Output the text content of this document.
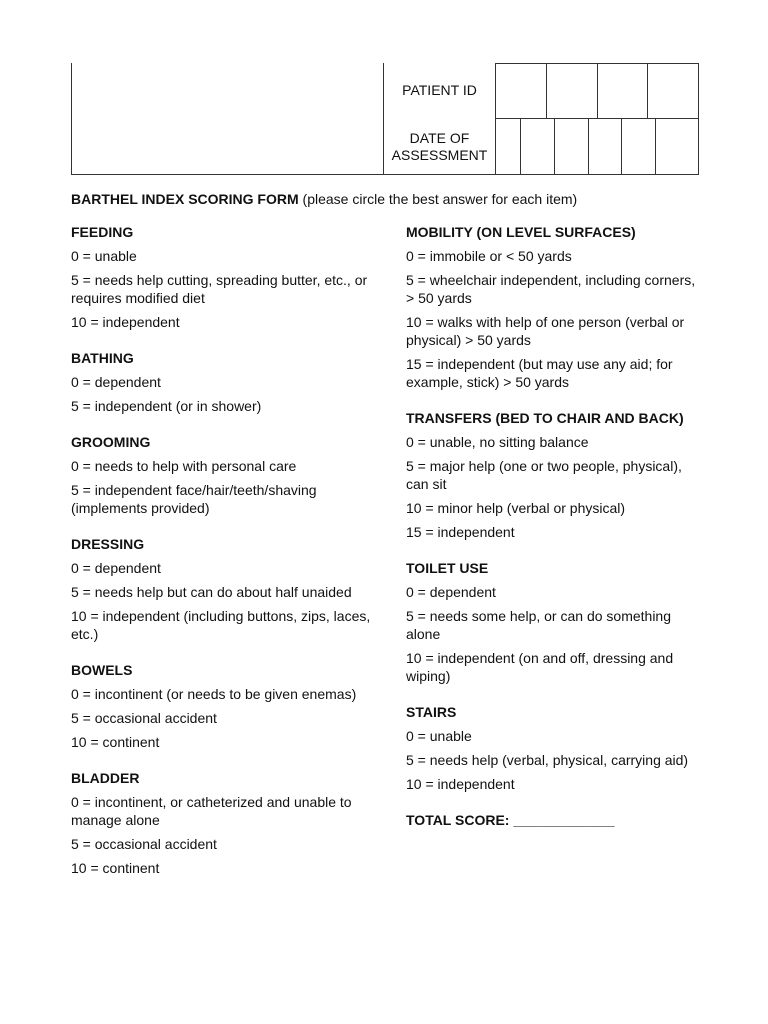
PATIENT ID
DATE OF
ASSESSMENT
BARTHEL INDEX SCORING FORM (please circle the best answer for each item)
FEEDING
0 = unable
5 = needs help cutting, spreading butter, etc., or requires modified diet
10 = independent
BATHING
0 = dependent
5 = independent (or in shower)
GROOMING
0 = needs to help with personal care
5 = independent face/hair/teeth/shaving (implements provided)
DRESSING
0 = dependent
5 = needs help but can do about half unaided
10 = independent (including buttons, zips, laces, etc.)
BOWELS
0 = incontinent (or needs to be given enemas)
5 = occasional accident
10 = continent
BLADDER
0 = incontinent, or catheterized and unable to manage alone
5 = occasional accident
10 = continent
MOBILITY (ON LEVEL SURFACES)
0 = immobile or < 50 yards
5 = wheelchair independent, including corners, > 50 yards
10 = walks with help of one person (verbal or physical) > 50 yards
15 = independent (but may use any aid; for example, stick) > 50 yards
TRANSFERS (BED TO CHAIR AND BACK)
0 = unable, no sitting balance
5 = major help (one or two people, physical), can sit
10 = minor help (verbal or physical)
15 = independent
TOILET USE
0 = dependent
5 = needs some help, or can do something alone
10 = independent (on and off, dressing and wiping)
STAIRS
0 = unable
5 = needs help (verbal, physical, carrying aid)
10 = independent
TOTAL SCORE: _____________
